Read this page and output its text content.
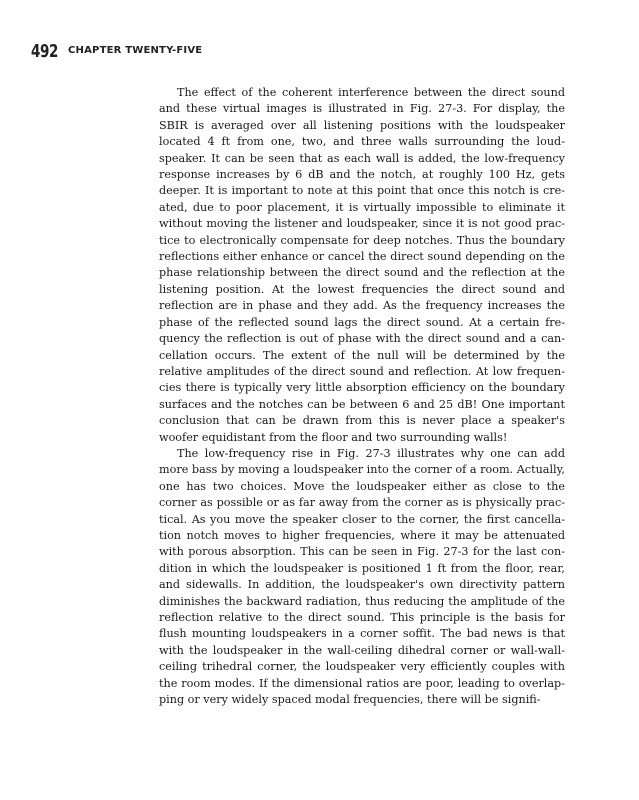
492 CHAPTER TWENTY-FIVE

The effect of the coherent interference between the direct sound and these virtual images is illustrated in Fig. 27-3. For display, the SBIR is averaged over all listening positions with the loudspeaker located 4 ft from one, two, and three walls surrounding the loudspeaker. It can be seen that as each wall is added, the low-frequency response increases by 6 dB and the notch, at roughly 100 Hz, gets deeper. It is important to note at this point that once this notch is created, due to poor placement, it is virtually impossible to eliminate it without moving the listener and loudspeaker, since it is not good practice to electronically compensate for deep notches. Thus the boundary reflections either enhance or cancel the direct sound depending on the phase relationship between the direct sound and the reflection at the listening position. At the lowest frequencies the direct sound and reflection are in phase and they add. As the frequency increases the phase of the reflected sound lags the direct sound. At a certain frequency the reflection is out of phase with the direct sound and a cancellation occurs. The extent of the null will be determined by the relative amplitudes of the direct sound and reflection. At low frequencies there is typically very little absorption efficiency on the boundary surfaces and the notches can be between 6 and 25 dB! One important conclusion that can be drawn from this is never place a speaker's woofer equidistant from the floor and two surrounding walls!

The low-frequency rise in Fig. 27-3 illustrates why one can add more bass by moving a loudspeaker into the corner of a room. Actually, one has two choices. Move the loudspeaker either as close to the corner as possible or as far away from the corner as is physically practical. As you move the speaker closer to the corner, the first cancellation notch moves to higher frequencies, where it may be attenuated with porous absorption. This can be seen in Fig. 27-3 for the last condition in which the loudspeaker is positioned 1 ft from the floor, rear, and sidewalls. In addition, the loudspeaker's own directivity pattern diminishes the backward radiation, thus reducing the amplitude of the reflection relative to the direct sound. This principle is the basis for flush mounting loudspeakers in a corner soffit. The bad news is that with the loudspeaker in the wall-ceiling dihedral corner or wall-wall-ceiling trihedral corner, the loudspeaker very efficiently couples with the room modes. If the dimensional ratios are poor, leading to overlapping or very widely spaced modal frequencies, there will be signifi-
